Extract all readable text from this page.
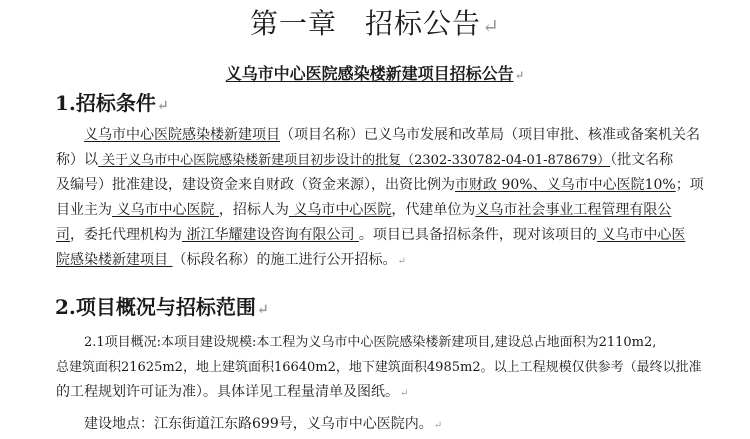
第一章 招标公告↵
义乌市中心医院感染楼新建项目招标公告↵
1.招标条件↵
义乌市中心医院感染楼新建项目（项目名称）已义乌市发展和改革局（项目审批、核准或备案机关名
称）以 关于义乌市中心医院感染楼新建项目初步设计的批复（2302-330782-04-01-878679）（批文名称
及编号）批准建设，建设资金来自财政（资金来源），出资比例为市财政 90%、义乌市中心医院10%；项
目业主为 义乌市中心医院 ，招标人为 义乌市中心医院，代建单位为义乌市社会事业工程管理有限公
司，委托代理机构为 浙江华耀建设咨询有限公司 。项目已具备招标条件，现对该项目的 义乌市中心医
院感染楼新建项目 （标段名称）的施工进行公开招标。↵
2.项目概况与招标范围↵
2.1项目概况:本项目建设规模:本工程为义乌市中心医院感染楼新建项目,建设总占地面积为2110m2,
总建筑面积21625m2，地上建筑面积16640m2，地下建筑面积4985m2。以上工程规模仅供参考（最终以批准
的工程规划许可证为准）。具体详见工程量清单及图纸。↵
建设地点：江东街道江东路699号，义乌市中心医院内。↵
